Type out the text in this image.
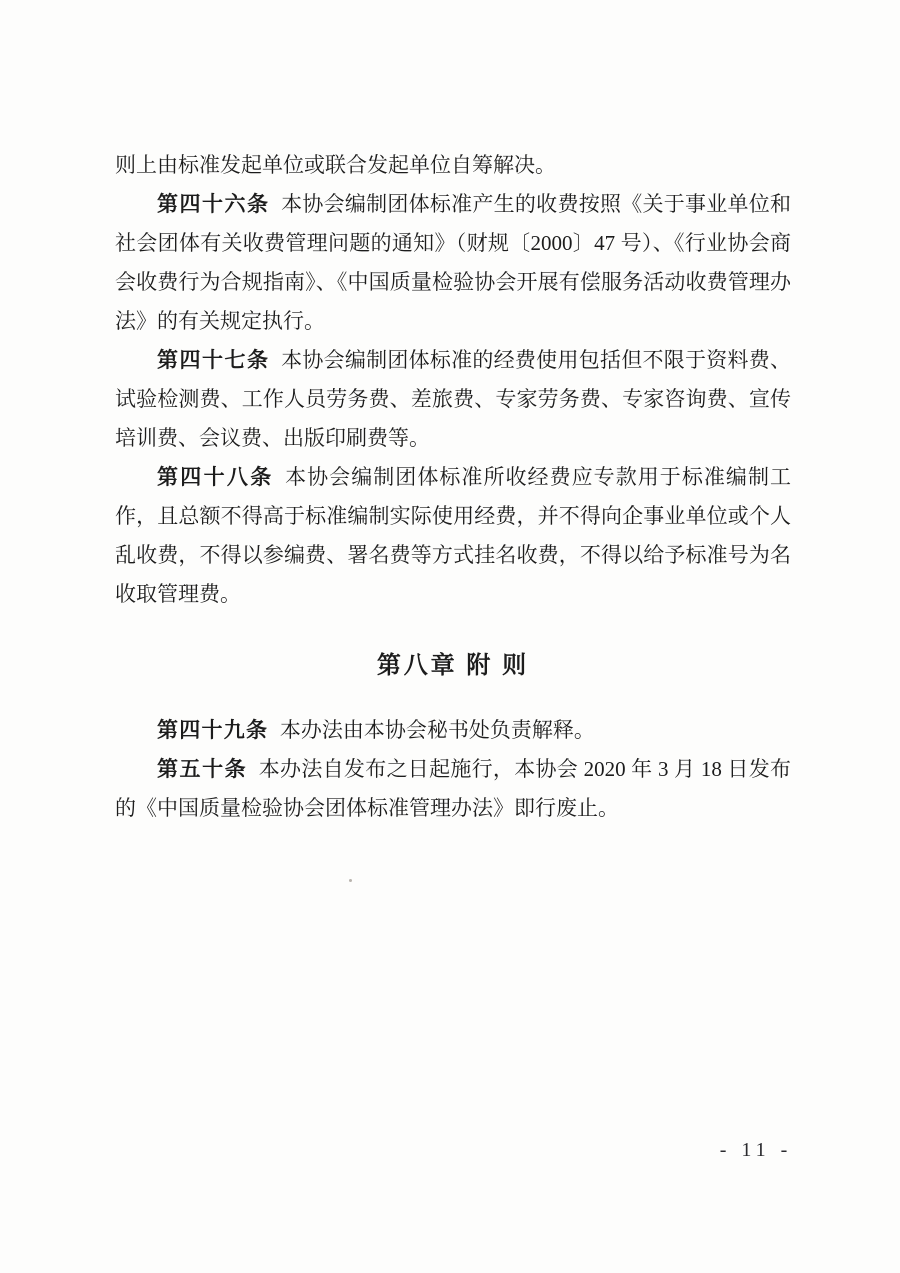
则上由标准发起单位或联合发起单位自筹解决。

第四十六条 本协会编制团体标准产生的收费按照《关于事业单位和社会团体有关收费管理问题的通知》（财规〔2000〕47 号）、《行业协会商会收费行为合规指南》、《中国质量检验协会开展有偿服务活动收费管理办法》的有关规定执行。

第四十七条 本协会编制团体标准的经费使用包括但不限于资料费、试验检测费、工作人员劳务费、差旅费、专家劳务费、专家咨询费、宣传培训费、会议费、出版印刷费等。

第四十八条 本协会编制团体标准所收经费应专款用于标准编制工作，且总额不得高于标准编制实际使用经费，并不得向企事业单位或个人乱收费，不得以参编费、署名费等方式挂名收费，不得以给予标准号为名收取管理费。

第八章 附 则

第四十九条 本办法由本协会秘书处负责解释。

第五十条 本办法自发布之日起施行，本协会 2020 年 3 月 18 日发布的《中国质量检验协会团体标准管理办法》即行废止。

- 11 -
